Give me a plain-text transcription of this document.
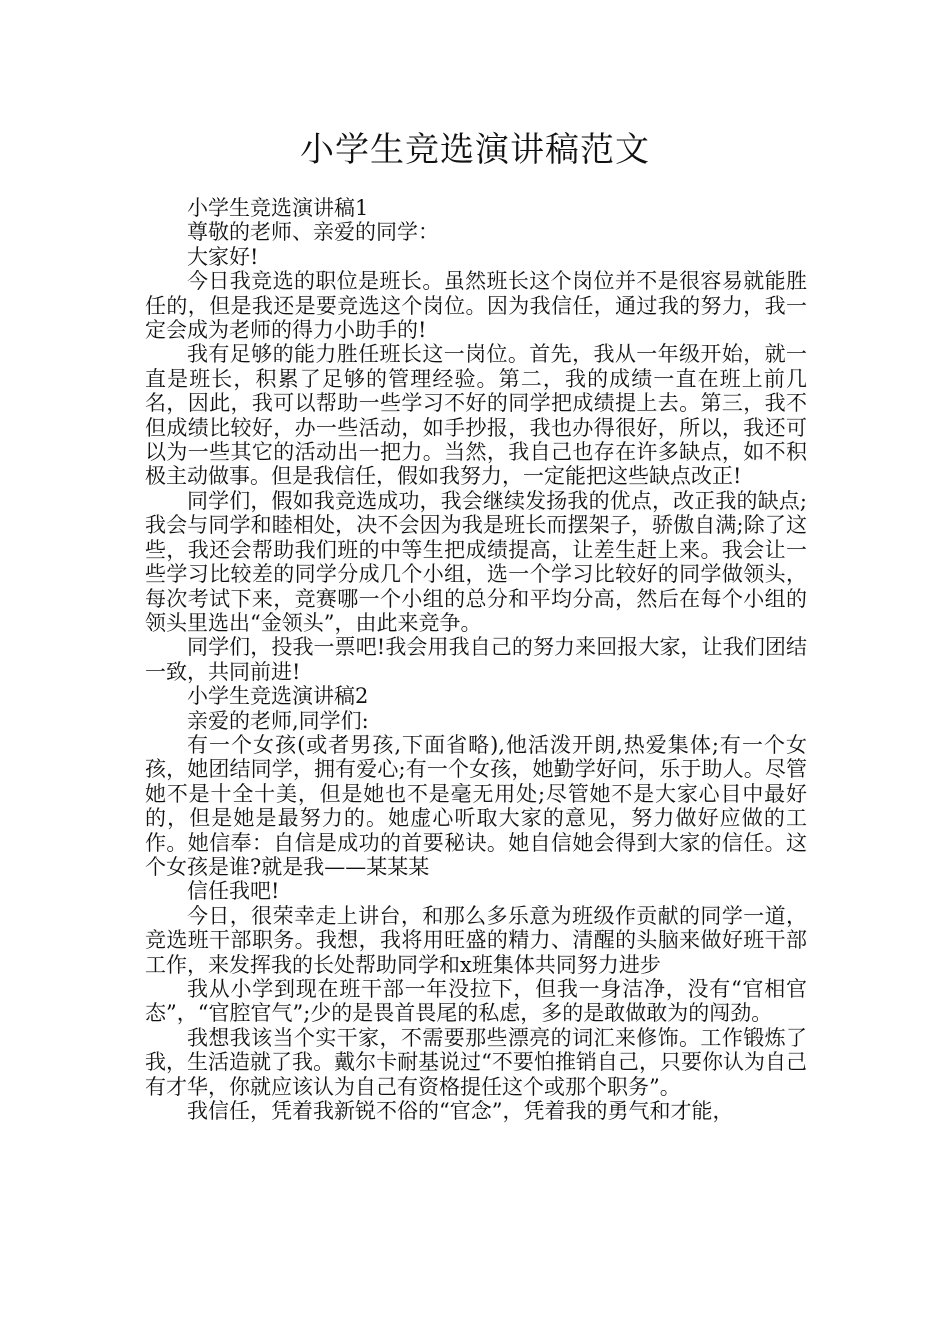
小学生竞选演讲稿范文

小学生竞选演讲稿1

尊敬的老师、亲爱的同学：

大家好!

今日我竞选的职位是班长。虽然班长这个岗位并不是很容易就能胜任的，但是我还是要竞选这个岗位。因为我信任，通过我的努力，我一定会成为老师的得力小助手的!

我有足够的能力胜任班长这一岗位。首先，我从一年级开始，就一直是班长，积累了足够的管理经验。第二，我的成绩一直在班上前几名，因此，我可以帮助一些学习不好的同学把成绩提上去。第三，我不但成绩比较好，办一些活动，如手抄报，我也办得很好，所以，我还可以为一些其它的活动出一把力。当然，我自己也存在许多缺点，如不积极主动做事。但是我信任，假如我努力，一定能把这些缺点改正!

同学们，假如我竞选成功，我会继续发扬我的优点，改正我的缺点;我会与同学和睦相处，决不会因为我是班长而摆架子，骄傲自满;除了这些，我还会帮助我们班的中等生把成绩提高，让差生赶上来。我会让一些学习比较差的同学分成几个小组，选一个学习比较好的同学做领头，每次考试下来，竞赛哪一个小组的总分和平均分高，然后在每个小组的领头里选出“金领头”，由此来竞争。

同学们，投我一票吧!我会用我自己的努力来回报大家，让我们团结一致，共同前进!

小学生竞选演讲稿2

亲爱的老师,同学们:

有一个女孩(或者男孩,下面省略),他活泼开朗,热爱集体;有一个女孩，她团结同学，拥有爱心;有一个女孩，她勤学好问，乐于助人。尽管她不是十全十美，但是她也不是毫无用处;尽管她不是大家心目中最好的，但是她是最努力的。她虚心听取大家的意见，努力做好应做的工作。她信奉：自信是成功的首要秘诀。她自信她会得到大家的信任。这个女孩是谁?就是我——某某某

信任我吧!

今日，很荣幸走上讲台，和那么多乐意为班级作贡献的同学一道，竞选班干部职务。我想，我将用旺盛的精力、清醒的头脑来做好班干部工作，来发挥我的长处帮助同学和x班集体共同努力进步

我从小学到现在班干部一年没拉下，但我一身洁净，没有“官相官态”，“官腔官气”;少的是畏首畏尾的私虑，多的是敢做敢为的闯劲。

我想我该当个实干家，不需要那些漂亮的词汇来修饰。工作锻炼了我，生活造就了我。戴尔卡耐基说过“不要怕推销自己，只要你认为自己有才华，你就应该认为自己有资格提任这个或那个职务”。

我信任，凭着我新锐不俗的“官念”，凭着我的勇气和才能，
